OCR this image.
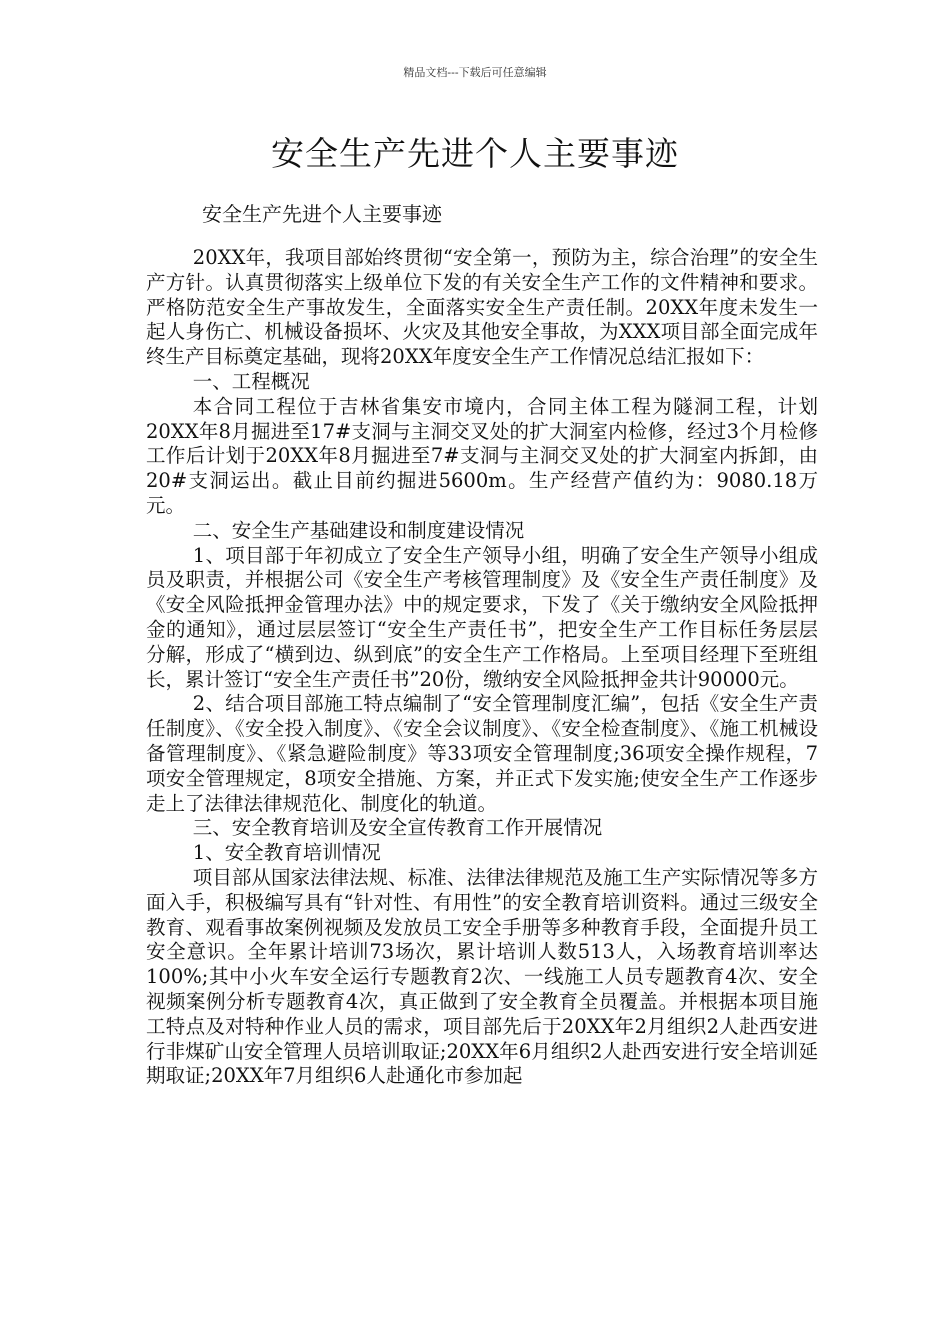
精品文档---下载后可任意编辑
安全生产先进个人主要事迹
安全生产先进个人主要事迹

20XX年，我项目部始终贯彻“安全第一，预防为主，综合治理”的安全生产方针。认真贯彻落实上级单位下发的有关安全生产工作的文件精神和要求。严格防范安全生产事故发生，全面落实安全生产责任制。20XX年度未发生一起人身伤亡、机械设备损坏、火灾及其他安全事故，为XXX项目部全面完成年终生产目标奠定基础，现将20XX年度安全生产工作情况总结汇报如下：

一、工程概况

本合同工程位于吉林省集安市境内，合同主体工程为隧洞工程，计划20XX年8月掘进至17#支洞与主洞交叉处的扩大洞室内检修，经过3个月检修工作后计划于20XX年8月掘进至7#支洞与主洞交叉处的扩大洞室内拆卸，由20#支洞运出。截止目前约掘进5600m。生产经营产值约为：9080.18万元。

二、安全生产基础建设和制度建设情况

1、项目部于年初成立了安全生产领导小组，明确了安全生产领导小组成员及职责，并根据公司《安全生产考核管理制度》及《安全生产责任制度》及《安全风险抵押金管理办法》中的规定要求，下发了《关于缴纳安全风险抵押金的通知》，通过层层签订“安全生产责任书”，把安全生产工作目标任务层层分解，形成了“横到边、纵到底”的安全生产工作格局。上至项目经理下至班组长，累计签订“安全生产责任书”20份，缴纳安全风险抵押金共计90000元。

2、结合项目部施工特点编制了“安全管理制度汇编”，包括《安全生产责任制度》、《安全投入制度》、《安全会议制度》、《安全检查制度》、《施工机械设备管理制度》、《紧急避险制度》等33项安全管理制度;36项安全操作规程，7项安全管理规定，8项安全措施、方案，并正式下发实施;使安全生产工作逐步走上了法律法律规范化、制度化的轨道。

三、安全教育培训及安全宣传教育工作开展情况

1、安全教育培训情况

项目部从国家法律法规、标准、法律法律规范及施工生产实际情况等多方面入手，积极编写具有“针对性、有用性”的安全教育培训资料。通过三级安全教育、观看事故案例视频及发放员工安全手册等多种教育手段，全面提升员工安全意识。全年累计培训73场次，累计培训人数513人，入场教育培训率达100%;其中小火车安全运行专题教育2次、一线施工人员专题教育4次、安全视频案例分析专题教育4次，真正做到了安全教育全员覆盖。并根据本项目施工特点及对特种作业人员的需求，项目部先后于20XX年2月组织2人赴西安进行非煤矿山安全管理人员培训取证;20XX年6月组织2人赴西安进行安全培训延期取证;20XX年7月组织6人赴通化市参加起
